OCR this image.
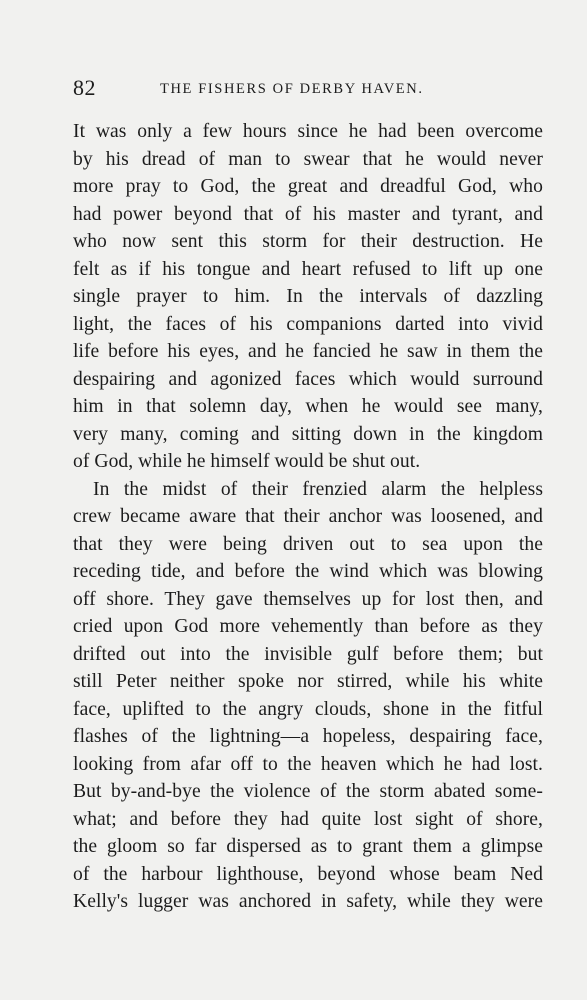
82	THE FISHERS OF DERBY HAVEN.
It was only a few hours since he had been overcome
by his dread of man to swear that he would never
more pray to God, the great and dreadful God, who
had power beyond that of his master and tyrant, and
who now sent this storm for their destruction. He
felt as if his tongue and heart refused to lift up one
single prayer to him. In the intervals of dazzling
light, the faces of his companions darted into vivid
life before his eyes, and he fancied he saw in them the
despairing and agonized faces which would surround
him in that solemn day, when he would see many,
very many, coming and sitting down in the kingdom
of God, while he himself would be shut out.
In the midst of their frenzied alarm the helpless
crew became aware that their anchor was loosened, and
that they were being driven out to sea upon the
receding tide, and before the wind which was blowing
off shore. They gave themselves up for lost then, and
cried upon God more vehemently than before as they
drifted out into the invisible gulf before them; but
still Peter neither spoke nor stirred, while his white
face, uplifted to the angry clouds, shone in the fitful
flashes of the lightning—a hopeless, despairing face,
looking from afar off to the heaven which he had lost.
But by-and-bye the violence of the storm abated some-
what; and before they had quite lost sight of shore,
the gloom so far dispersed as to grant them a glimpse
of the harbour lighthouse, beyond whose beam Ned
Kelly's lugger was anchored in safety, while they were
